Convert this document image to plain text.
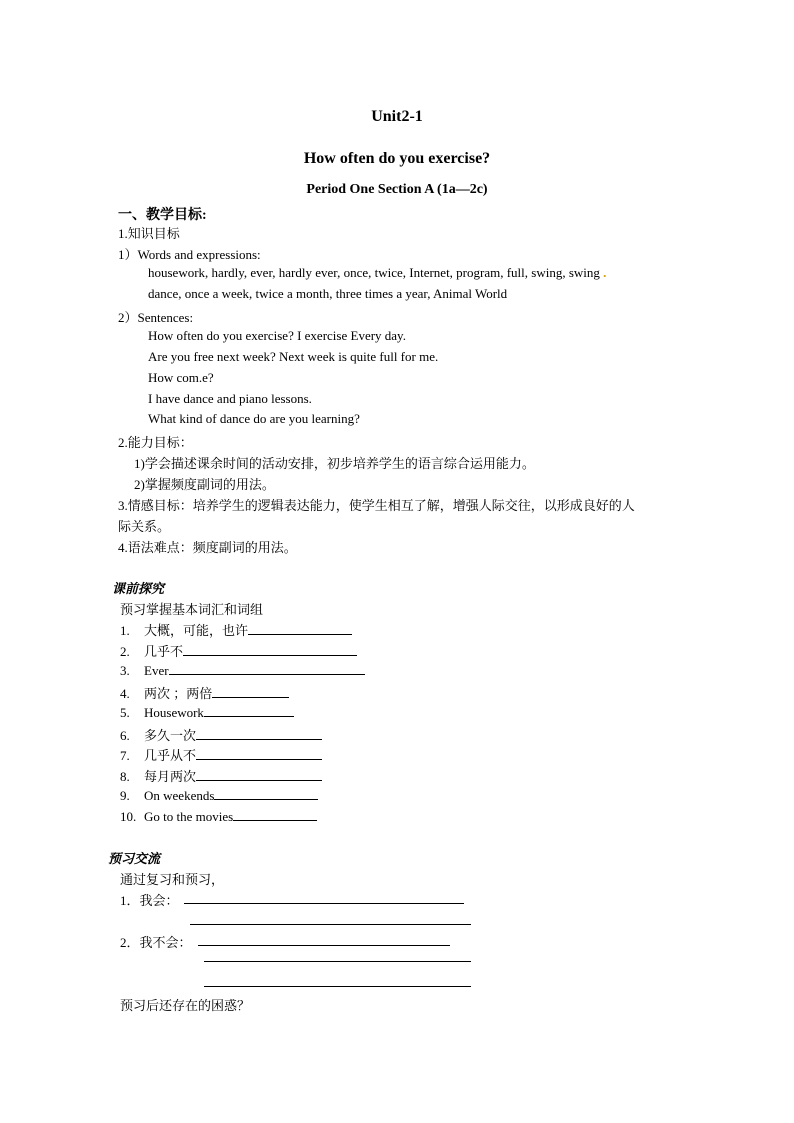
Unit2-1
How often do you exercise?
Period One Section A (1a—2c)
一、教学目标:
1.知识目标
1）Words and expressions:
housework, hardly, ever, hardly ever, once, twice, Internet, program, full, swing, swing .
dance, once a week, twice a month, three times a year, Animal World
2）Sentences:
How often do you exercise? I exercise Every day.
Are you free next week? Next week is quite full for me.
How com.e?
I have dance and piano lessons.
What kind of dance do are you learning?
2.能力目标：
1)学会描述课余时间的活动安排，初步培养学生的语言综合运用能力。
2)掌握频度副词的用法。
3.情感目标：培养学生的逻辑表达能力，使学生相互了解，增强人际交往，以形成良好的人
际关系。
4.语法难点：频度副词的用法。
课前探究
预习掌握基本词汇和词组
1. 大概，可能，也许
2. 几乎不
3. Ever
4. 两次 ；两倍
5. Housework
6. 多久一次
7. 几乎从不
8. 每月两次
9. On weekends
10. Go to the movies
预习交流
通过复习和预习，
1．我会：
2．我不会：
预习后还存在的困惑？
